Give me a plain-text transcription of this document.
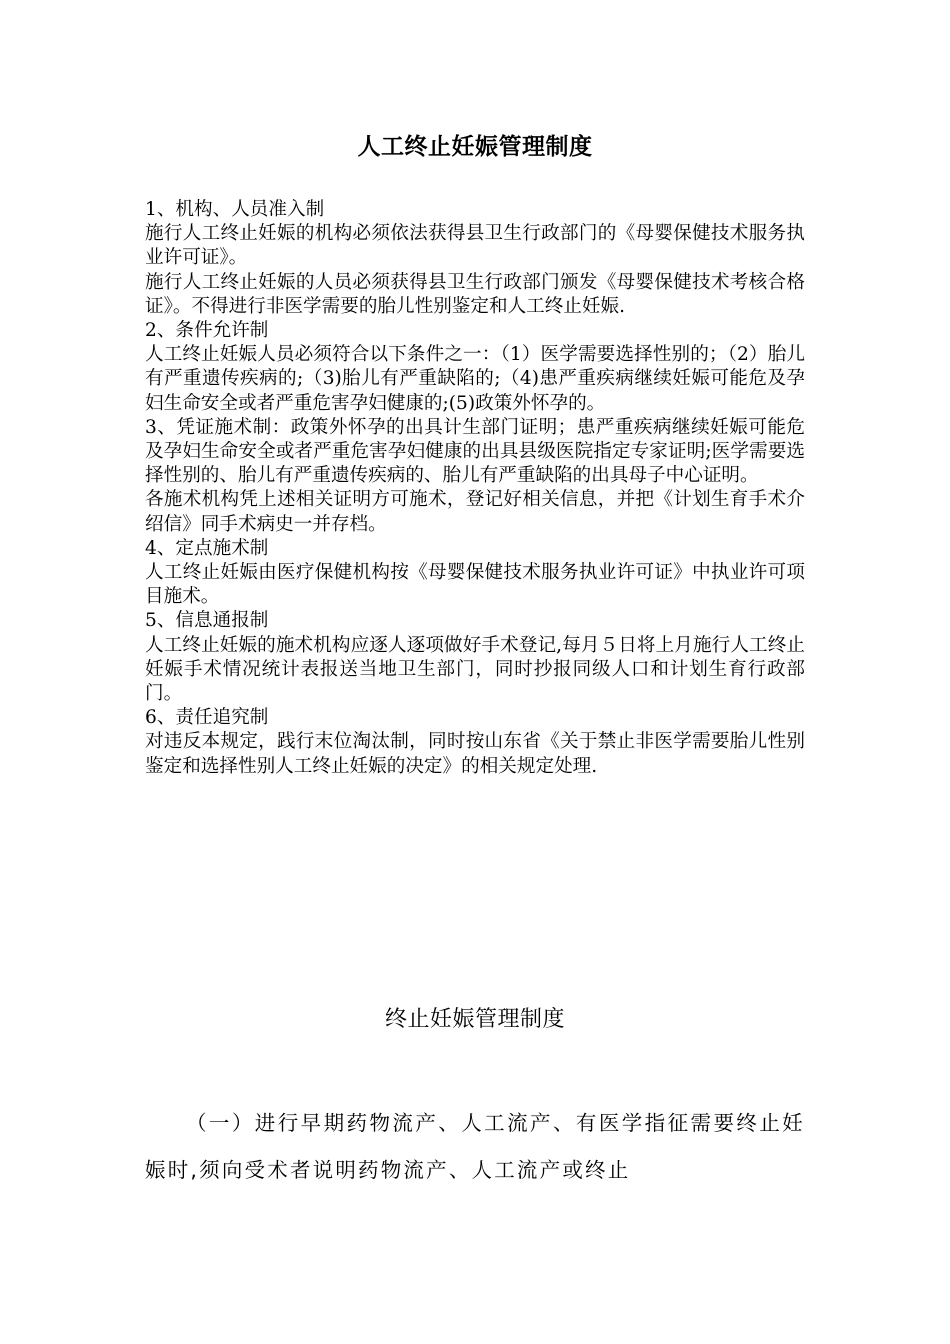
人工终止妊娠管理制度

1、机构、人员准入制

施行人工终止妊娠的机构必须依法获得县卫生行政部门的《母婴保健技术服务执业许可证》。

施行人工终止妊娠的人员必须获得县卫生行政部门颁发《母婴保健技术考核合格证》。不得进行非医学需要的胎儿性别鉴定和人工终止妊娠.

2、条件允许制

人工终止妊娠人员必须符合以下条件之一：（1）医学需要选择性别的；（2）胎儿有严重遗传疾病的;（3)胎儿有严重缺陷的;（4)患严重疾病继续妊娠可能危及孕妇生命安全或者严重危害孕妇健康的;(5)政策外怀孕的。

3、凭证施术制：政策外怀孕的出具计生部门证明；患严重疾病继续妊娠可能危及孕妇生命安全或者严重危害孕妇健康的出具县级医院指定专家证明;医学需要选择性别的、胎儿有严重遗传疾病的、胎儿有严重缺陷的出具母子中心证明。

各施术机构凭上述相关证明方可施术，登记好相关信息，并把《计划生育手术介绍信》同手术病史一并存档。

4、定点施术制

人工终止妊娠由医疗保健机构按《母婴保健技术服务执业许可证》中执业许可项目施术。

5、信息通报制

人工终止妊娠的施术机构应逐人逐项做好手术登记,每月５日将上月施行人工终止妊娠手术情况统计表报送当地卫生部门，同时抄报同级人口和计划生育行政部门。

6、责任追究制

对违反本规定，践行末位淘汰制，同时按山东省《关于禁止非医学需要胎儿性别鉴定和选择性别人工终止妊娠的决定》的相关规定处理.

终止妊娠管理制度

（一）进行早期药物流产、人工流产、有医学指征需要终止妊娠时,须向受术者说明药物流产、人工流产或终止
